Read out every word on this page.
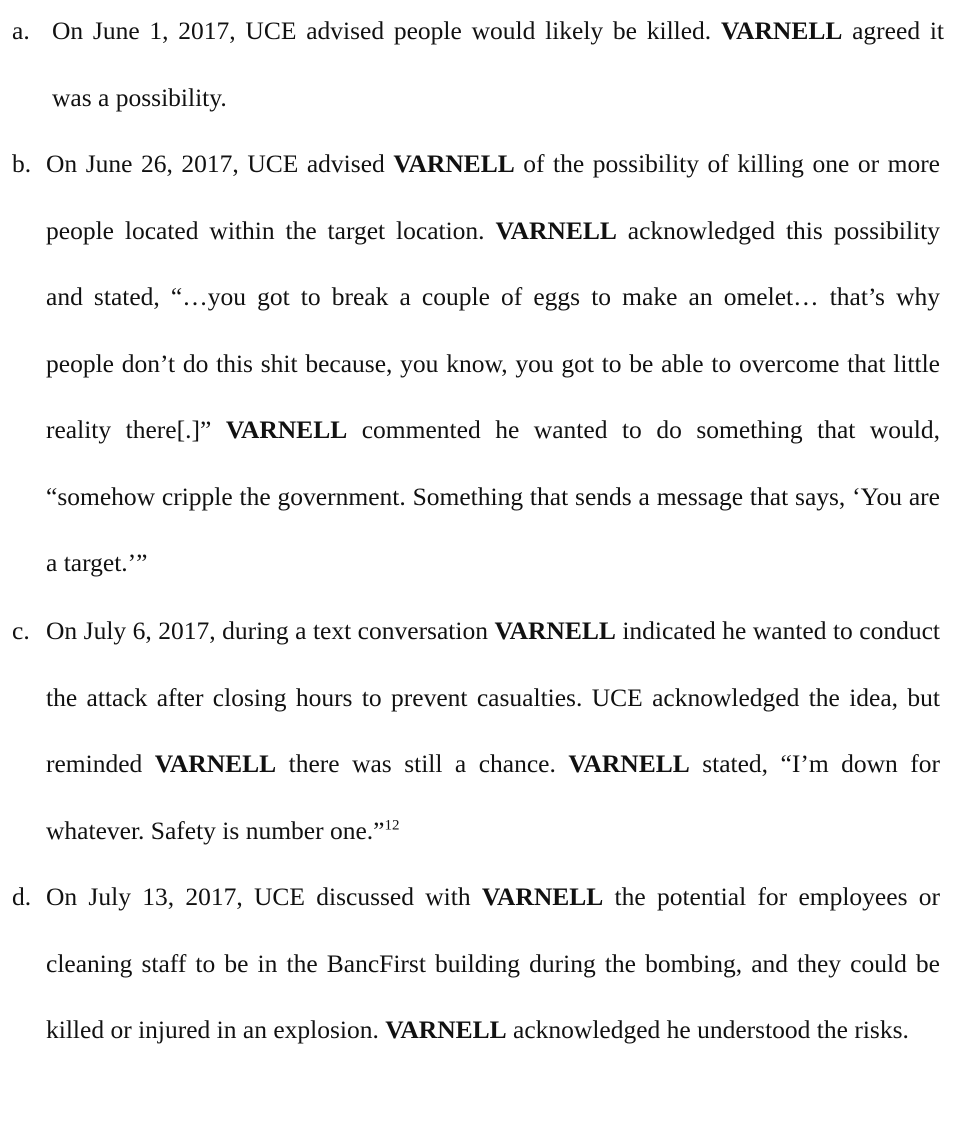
a. On June 1, 2017, UCE advised people would likely be killed. VARNELL agreed it was a possibility.
b. On June 26, 2017, UCE advised VARNELL of the possibility of killing one or more people located within the target location. VARNELL acknowledged this possibility and stated, “…you got to break a couple of eggs to make an omelet… that’s why people don’t do this shit because, you know, you got to be able to overcome that little reality there[.]” VARNELL commented he wanted to do something that would, “somehow cripple the government. Something that sends a message that says, ‘You are a target.’”
c. On July 6, 2017, during a text conversation VARNELL indicated he wanted to conduct the attack after closing hours to prevent casualties. UCE acknowledged the idea, but reminded VARNELL there was still a chance. VARNELL stated, “I’m down for whatever. Safety is number one.”$^{12}$
d. On July 13, 2017, UCE discussed with VARNELL the potential for employees or cleaning staff to be in the BancFirst building during the bombing, and they could be killed or injured in an explosion. VARNELL acknowledged he understood the risks.
